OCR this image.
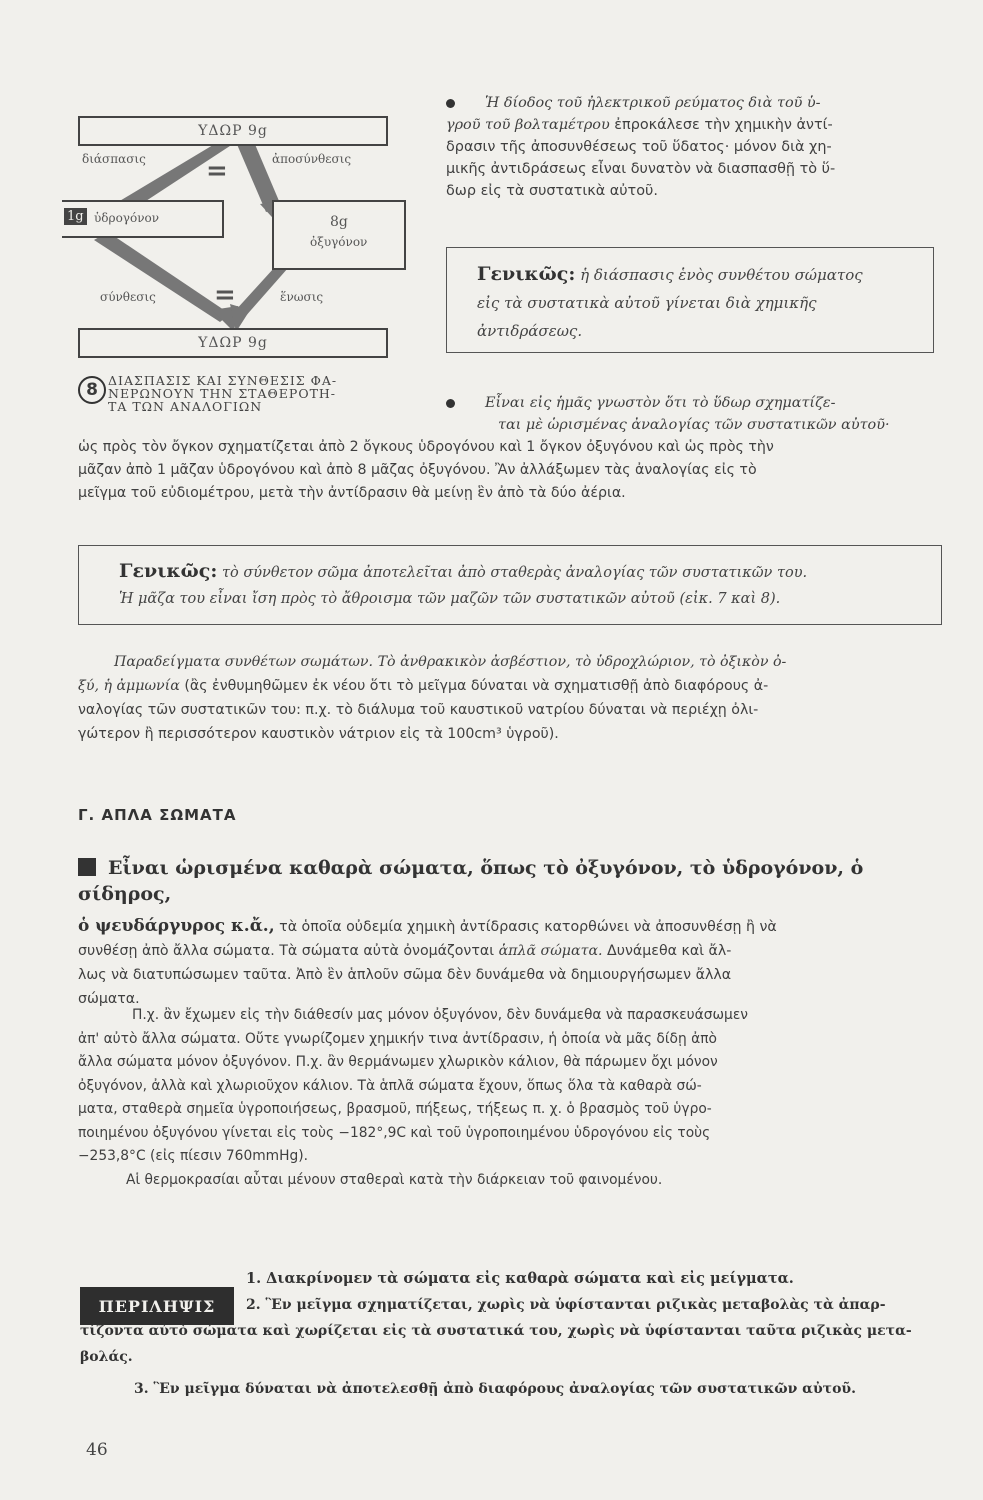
ΥΔΩΡ 9g
διάσπασις	ἀποσύνθεσις
=
1g ὑδρογόνον	8g
ὀξυγόνον
σύνθεσις	ἕνωσις
=
ΥΔΩΡ 9g
8 ΔΙΑΣΠΑΣΙΣ ΚΑΙ ΣΥΝΘΕΣΙΣ ΦΑ-
ΝΕΡΩΝΟΥΝ ΤΗΝ ΣΤΑΘΕΡΟΤΗ-
ΤΑ ΤΩΝ ΑΝΑΛΟΓΙΩΝ
Ἡ δίοδος τοῦ ἠλεκτρικοῦ ρεύματος διὰ τοῦ ὑ-
γροῦ τοῦ βολταμέτρου ἐπροκάλεσε τὴν χημικὴν ἀντί-
δρασιν τῆς ἀποσυνθέσεως τοῦ ὕδατος· μόνον διὰ χη-
μικῆς ἀντιδράσεως εἶναι δυνατὸν νὰ διασπασθῇ τὸ ὕ-
δωρ εἰς τὰ συστατικὰ αὐτοῦ.
Γενικῶς: ἡ διάσπασις ἑνὸς συνθέτου σώματος
εἰς τὰ συστατικὰ αὐτοῦ γίνεται διὰ χημικῆς
ἀντιδράσεως.
Εἶναι εἰς ἡμᾶς γνωστὸν ὅτι τὸ ὕδωρ σχηματίζε-
ται μὲ ὡρισμένας ἀναλογίας τῶν συστατικῶν αὐτοῦ·
ὡς πρὸς τὸν ὄγκον σχηματίζεται ἀπὸ 2 ὄγκους ὑδρογόνου καὶ 1 ὄγκον ὀξυγόνου καὶ ὡς πρὸς τὴν
μᾶζαν ἀπὸ 1 μᾶζαν ὑδρογόνου καὶ ἀπὸ 8 μᾶζας ὀξυγόνου. Ἂν ἀλλάξωμεν τὰς ἀναλογίας εἰς τὸ
μεῖγμα τοῦ εὐδιομέτρου, μετὰ τὴν ἀντίδρασιν θὰ μείνῃ ἓν ἀπὸ τὰ δύο ἀέρια.
Γενικῶς: τὸ σύνθετον σῶμα ἀποτελεῖται ἀπὸ σταθερὰς ἀναλογίας τῶν συστατικῶν του.
Ἡ μᾶζα του εἶναι ἴση πρὸς τὸ ἄθροισμα τῶν μαζῶν τῶν συστατικῶν αὐτοῦ (εἰκ. 7 καὶ 8).
Παραδείγματα συνθέτων σωμάτων. Τὸ ἀνθρακικὸν ἀσβέστιον, τὸ ὑδροχλώριον, τὸ ὀξικὸν ὀ-
ξύ, ἡ ἀμμωνία (ἂς ἐνθυμηθῶμεν ἐκ νέου ὅτι τὸ μεῖγμα δύναται νὰ σχηματισθῇ ἀπὸ διαφόρους ἀ-
ναλογίας τῶν συστατικῶν του: π.χ. τὸ διάλυμα τοῦ καυστικοῦ νατρίου δύναται νὰ περιέχῃ ὀλι-
γώτερον ἢ περισσότερον καυστικὸν νάτριον εἰς τὰ 100cm³ ὑγροῦ).
Γ. ΑΠΛΑ ΣΩΜΑΤΑ
Εἶναι ὡρισμένα καθαρὰ σώματα, ὅπως τὸ ὀξυγόνον, τὸ ὑδρογόνον, ὁ σίδηρος,
ὁ ψευδάργυρος κ.ἄ., τὰ ὁποῖα οὐδεμία χημικὴ ἀντίδρασις κατορθώνει νὰ ἀποσυνθέσῃ ἢ νὰ
συνθέσῃ ἀπὸ ἄλλα σώματα. Τὰ σώματα αὐτὰ ὀνομάζονται ἁπλᾶ σώματα. Δυνάμεθα καὶ ἄλ-
λως νὰ διατυπώσωμεν ταῦτα. Ἀπὸ ἓν ἁπλοῦν σῶμα δὲν δυνάμεθα νὰ δημιουργήσωμεν ἄλλα
σώματα.
Π.χ. ἂν ἔχωμεν εἰς τὴν διάθεσίν μας μόνον ὀξυγόνον, δὲν δυνάμεθα νὰ παρασκευάσωμεν
ἀπ' αὐτὸ ἄλλα σώματα. Οὔτε γνωρίζομεν χημικήν τινα ἀντίδρασιν, ἡ ὁποία νὰ μᾶς δίδῃ ἀπὸ
ἄλλα σώματα μόνον ὀξυγόνον. Π.χ. ἂν θερμάνωμεν χλωρικὸν κάλιον, θὰ πάρωμεν ὄχι μόνον
ὀξυγόνον, ἀλλὰ καὶ χλωριοῦχον κάλιον. Τὰ ἁπλᾶ σώματα ἔχουν, ὅπως ὅλα τὰ καθαρὰ σώ-
ματα, σταθερὰ σημεῖα ὑγροποιήσεως, βρασμοῦ, πήξεως, τήξεως π. χ. ὁ βρασμὸς τοῦ ὑγρο-
ποιημένου ὀξυγόνου γίνεται εἰς τοὺς −182°,9C καὶ τοῦ ὑγροποιημένου ὑδρογόνου εἰς τοὺς
−253,8°C (εἰς πίεσιν 760mmHg).
Αἱ θερμοκρασίαι αὗται μένουν σταθεραὶ κατὰ τὴν διάρκειαν τοῦ φαινομένου.
ΠΕΡΙΛΗΨΙΣ
1. Διακρίνομεν τὰ σώματα εἰς καθαρὰ σώματα καὶ εἰς μείγματα.
2. Ἓν μεῖγμα σχηματίζεται, χωρὶς νὰ ὑφίστανται ριζικὰς μεταβολὰς τὰ ἀπαρ-
τίζοντα αὐτὸ σώματα καὶ χωρίζεται εἰς τὰ συστατικά του, χωρὶς νὰ ὑφίστανται ταῦτα ριζικὰς μετα-
βολάς.
3. Ἓν μεῖγμα δύναται νὰ ἀποτελεσθῇ ἀπὸ διαφόρους ἀναλογίας τῶν συστατικῶν αὐτοῦ.
46
